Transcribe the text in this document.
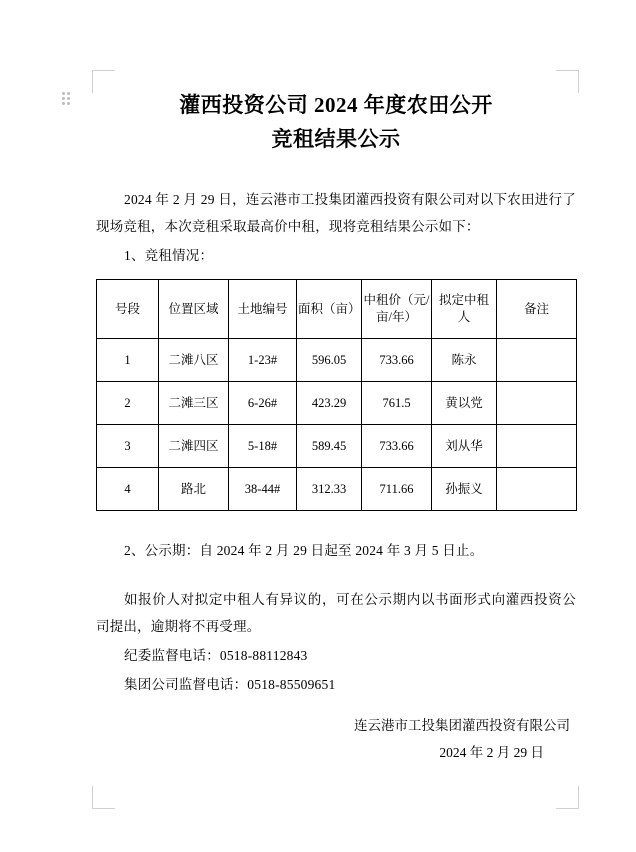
灌西投资公司 2024 年度农田公开
竞租结果公示

2024 年 2 月 29 日，连云港市工投集团灌西投资有限公司对以下农田进行了现场竞租，本次竞租采取最高价中租，现将竞租结果公示如下：

1、竞租情况：

号段	位置区域	土地编号	面积（亩）	中租价（元/亩/年）	拟定中租人	备注
1	二滩八区	1-23#	596.05	733.66	陈永	
2	二滩三区	6-26#	423.29	761.5	黄以党	
3	二滩四区	5-18#	589.45	733.66	刘从华	
4	路北	38-44#	312.33	711.66	孙振义	

2、公示期：自 2024 年 2 月 29 日起至 2024 年 3 月 5 日止。

如报价人对拟定中租人有异议的，可在公示期内以书面形式向灌西投资公司提出，逾期将不再受理。

纪委监督电话：0518-88112843

集团公司监督电话：0518-85509651

连云港市工投集团灌西投资有限公司
2024 年 2 月 29 日
